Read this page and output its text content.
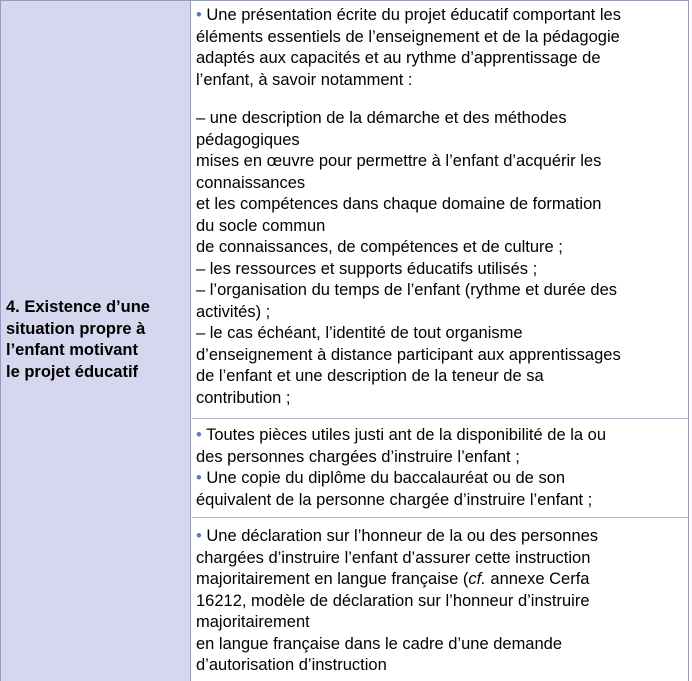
4. Existence d’une
situation propre à
l’enfant motivant
le projet éducatif
• Une présentation écrite du projet éducatif comportant les
éléments essentiels de l’enseignement et de la pédagogie
adaptés aux capacités et au rythme d’apprentissage de
l’enfant, à savoir notamment :
– une description de la démarche et des méthodes
pédagogiques
mises en œuvre pour permettre à l’enfant d’acquérir les
connaissances
et les compétences dans chaque domaine de formation
du socle commun
de connaissances, de compétences et de culture ;
– les ressources et supports éducatifs utilisés ;
– l’organisation du temps de l’enfant (rythme et durée des
activités) ;
– le cas échéant, l’identité de tout organisme
d’enseignement à distance participant aux apprentissages
de l’enfant et une description de la teneur de sa
contribution ;
• Toutes pièces utiles justi ant de la disponibilité de la ou
des personnes chargées d’instruire l’enfant ;
• Une copie du diplôme du baccalauréat ou de son
équivalent de la personne chargée d’instruire l’enfant ;
• Une déclaration sur l’honneur de la ou des personnes
chargées d’instruire l’enfant d’assurer cette instruction
majoritairement en langue française (cf. annexe Cerfa
16212, modèle de déclaration sur l’honneur d’instruire
majoritairement
en langue française dans le cadre d’une demande
d’autorisation d’instruction
